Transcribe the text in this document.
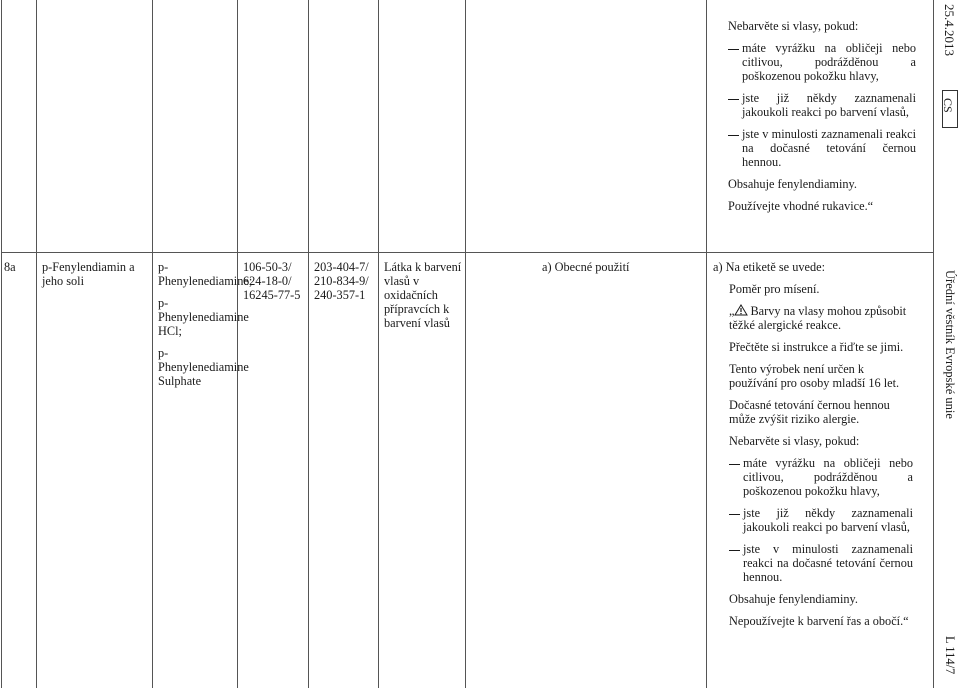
Nebarvěte si vlasy, pokud:

máte vyrážku na obličeji nebo citlivou, podrážděnou a poškozenou pokožku hlavy,
jste již někdy zaznamenali jakoukoli reakci po barvení vlasů,
jste v minulosti zaznamenali reakci na dočasné tetování černou hennou.

Obsahuje fenylendiaminy.

Používejte vhodné rukavice.“

8a	p-Fenylendiamin a jeho soli

p-Phenylenediamine;

p-Phenylenediamine HCl;

p-Phenylenediamine Sulphate

106-50-3/ 624-18-0/ 16245-77-5
203-404-7/ 210-834-9/ 240-357-1
Látka k barvení vlasů v oxidačních přípravcích k barvení vlasů
a) Obecné použití	a) Na etiketě se uvede:

Poměr pro mísení.

„ Barvy na vlasy mohou způsobit těžké alergické reakce.

Přečtěte si instrukce a řiďte se jimi.

Tento výrobek není určen k používání pro osoby mladší 16 let.

Dočasné tetování černou hennou může zvýšit riziko alergie.

Nebarvěte si vlasy, pokud:

máte vyrážku na obličeji nebo citlivou, podrážděnou a poškozenou pokožku hlavy,
jste již někdy zaznamenali jakoukoli reakci po barvení vlasů,
jste v minulosti zaznamenali reakci na dočasné tetování černou hennou.

Obsahuje fenylendiaminy.

Nepoužívejte k barvení řas a obočí.“

25.4.2013
CS
Úřední věstník Evropské unie
L 114/7
